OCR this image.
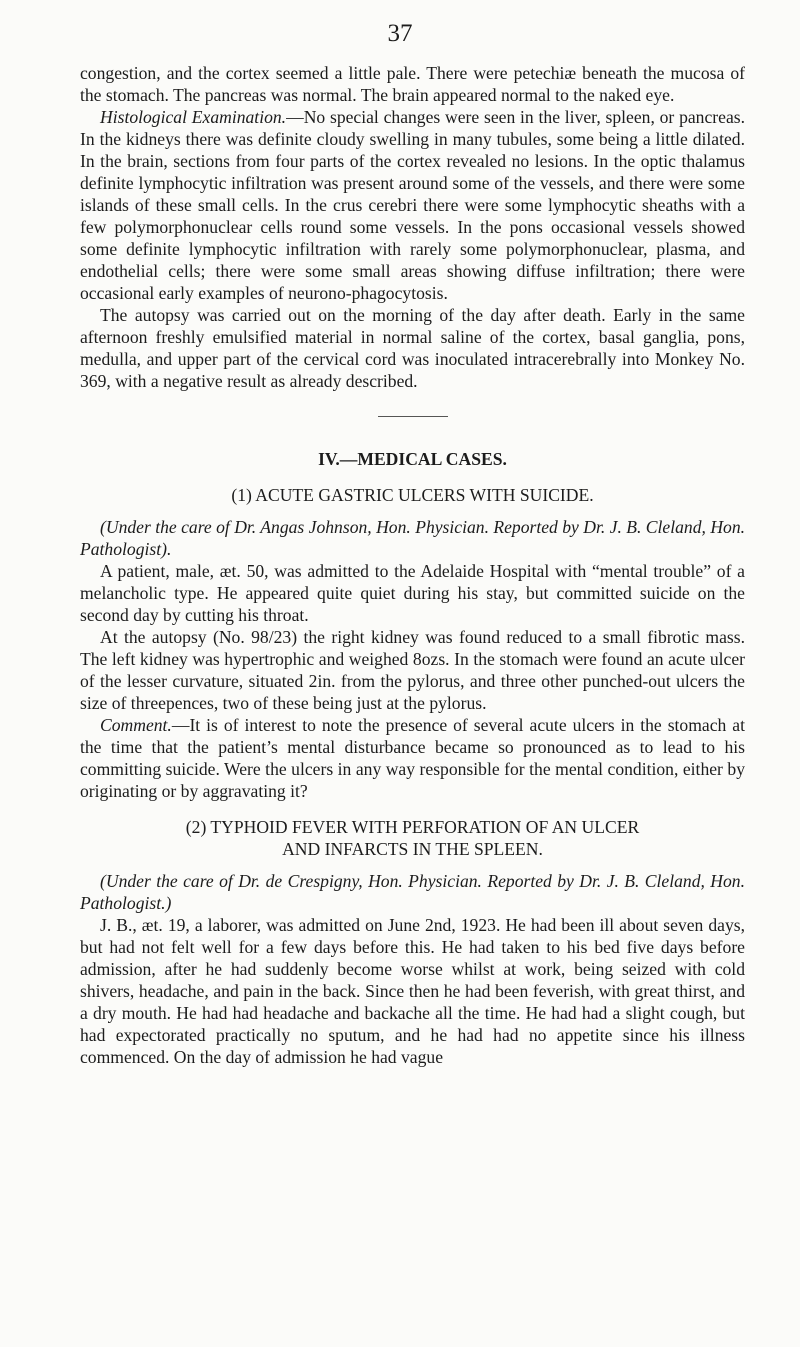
37

congestion, and the cortex seemed a little pale. There were petechiæ beneath the mucosa of the stomach. The pancreas was normal. The brain appeared normal to the naked eye.

Histological Examination.—No special changes were seen in the liver, spleen, or pancreas. In the kidneys there was definite cloudy swelling in many tubules, some being a little dilated. In the brain, sections from four parts of the cortex revealed no lesions. In the optic thalamus definite lymphocytic infiltration was present around some of the vessels, and there were some islands of these small cells. In the crus cerebri there were some lymphocytic sheaths with a few polymorphonuclear cells round some vessels. In the pons occasional vessels showed some definite lymphocytic infiltration with rarely some polymorphonuclear, plasma, and endothelial cells; there were some small areas showing diffuse infiltration; there were occasional early examples of neurono-phagocytosis.

The autopsy was carried out on the morning of the day after death. Early in the same afternoon freshly emulsified material in normal saline of the cortex, basal ganglia, pons, medulla, and upper part of the cervical cord was inoculated intracerebrally into Monkey No. 369, with a negative result as already described.

IV.—MEDICAL CASES.
(1) ACUTE GASTRIC ULCERS WITH SUICIDE.

(Under the care of Dr. Angas Johnson, Hon. Physician. Reported by Dr. J. B. Cleland, Hon. Pathologist).

A patient, male, æt. 50, was admitted to the Adelaide Hospital with “mental trouble” of a melancholic type. He appeared quite quiet during his stay, but committed suicide on the second day by cutting his throat.

At the autopsy (No. 98/23) the right kidney was found reduced to a small fibrotic mass. The left kidney was hypertrophic and weighed 8ozs. In the stomach were found an acute ulcer of the lesser curvature, situated 2in. from the pylorus, and three other punched-out ulcers the size of threepences, two of these being just at the pylorus.

Comment.—It is of interest to note the presence of several acute ulcers in the stomach at the time that the patient’s mental disturbance became so pronounced as to lead to his committing suicide. Were the ulcers in any way responsible for the mental condition, either by originating or by aggravating it?

(2) TYPHOID FEVER WITH PERFORATION OF AN ULCER
AND INFARCTS IN THE SPLEEN.

(Under the care of Dr. de Crespigny, Hon. Physician. Reported by Dr. J. B. Cleland, Hon. Pathologist.)

J. B., æt. 19, a laborer, was admitted on June 2nd, 1923. He had been ill about seven days, but had not felt well for a few days before this. He had taken to his bed five days before admission, after he had suddenly become worse whilst at work, being seized with cold shivers, headache, and pain in the back. Since then he had been feverish, with great thirst, and a dry mouth. He had had headache and backache all the time. He had had a slight cough, but had expectorated practically no sputum, and he had had no appetite since his illness commenced. On the day of admission he had vague
